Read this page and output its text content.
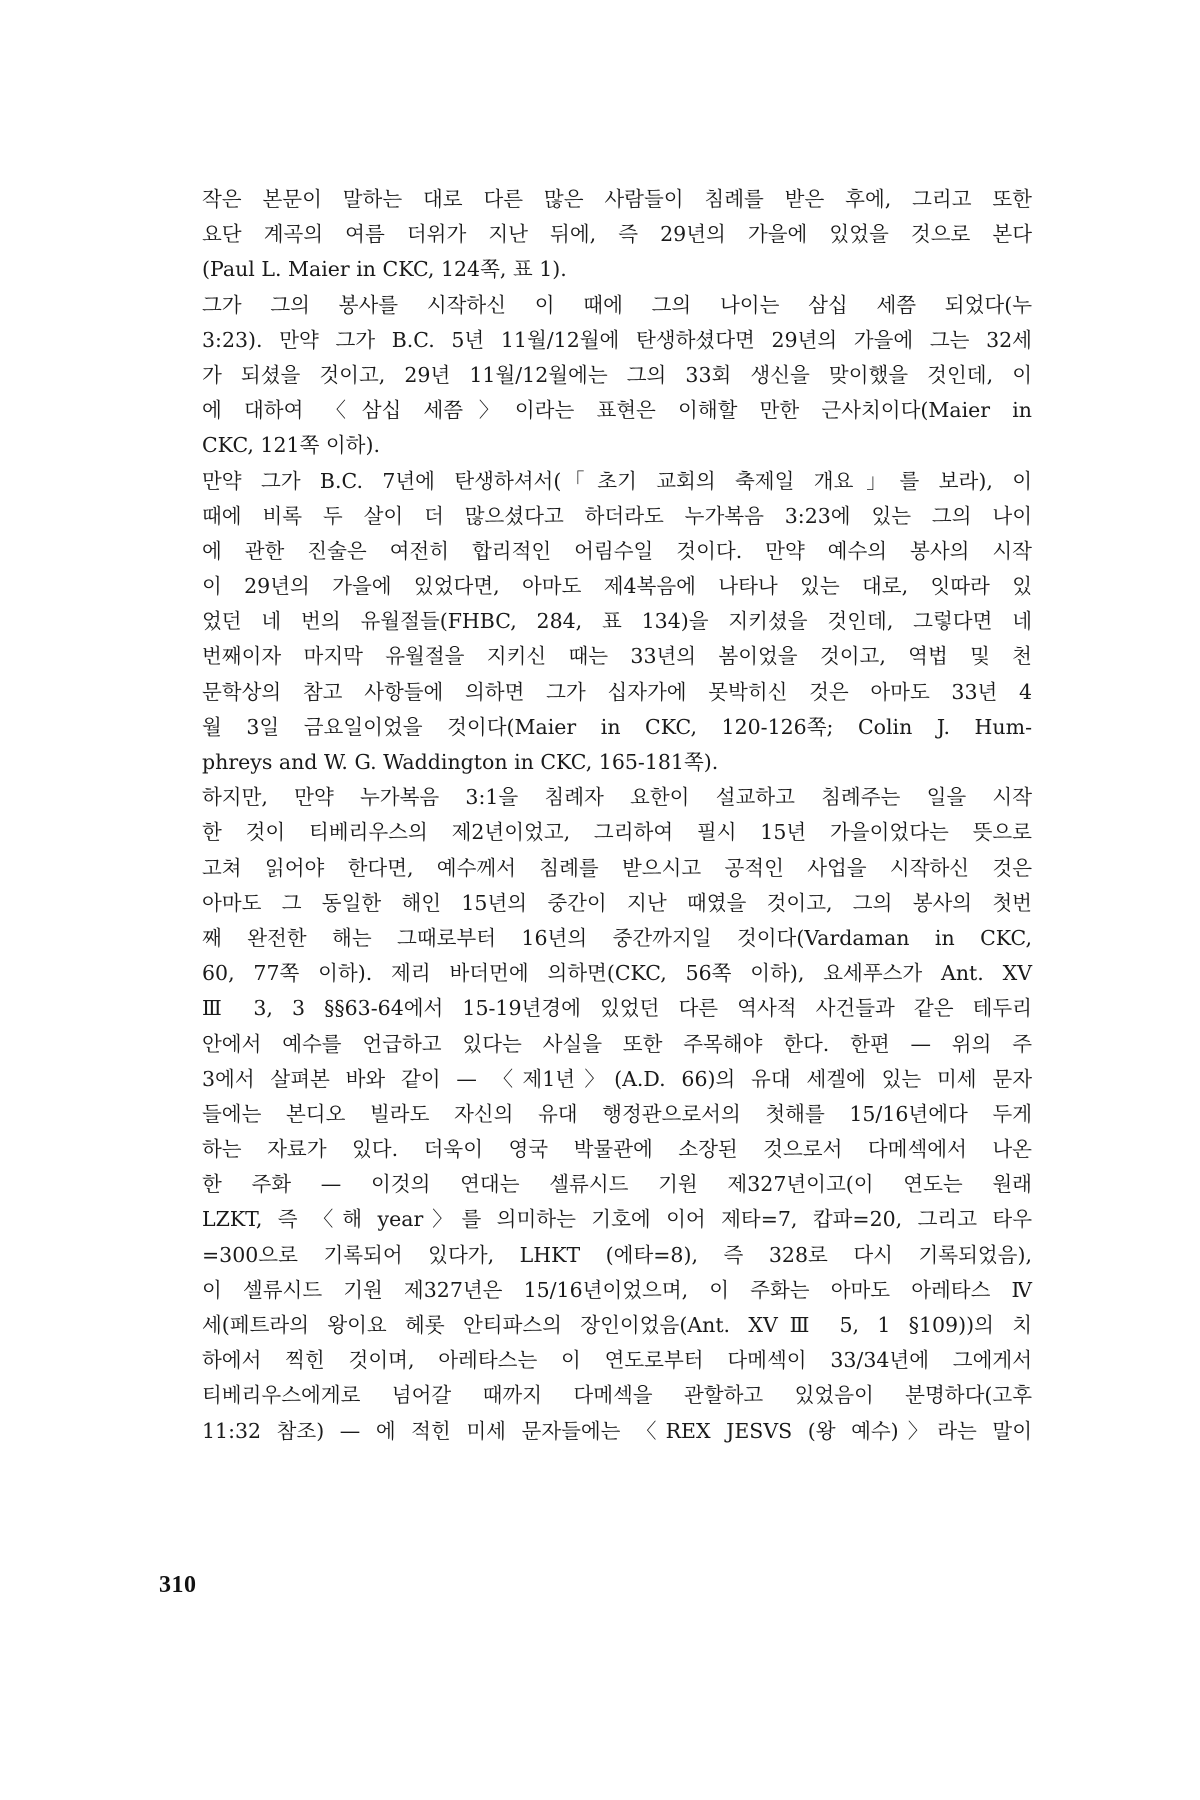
작은 본문이 말하는 대로 다른 많은 사람들이 침례를 받은 후에, 그리고 또한
요단 계곡의 여름 더위가 지난 뒤에, 즉 29년의 가을에 있었을 것으로 본다
(Paul L. Maier in CKC, 124쪽, 표 1).
그가 그의 봉사를 시작하신 이 때에 그의 나이는 삼십 세쯤 되었다(누
3:23). 만약 그가 B.C. 5년 11월/12월에 탄생하셨다면 29년의 가을에 그는 32세
가 되셨을 것이고, 29년 11월/12월에는 그의 33회 생신을 맞이했을 것인데, 이
에 대하여 〈삼십 세쯤〉이라는 표현은 이해할 만한 근사치이다(Maier in
CKC, 121쪽 이하).
만약 그가 B.C. 7년에 탄생하셔서(「초기 교회의 축제일 개요」를 보라), 이
때에 비록 두 살이 더 많으셨다고 하더라도 누가복음 3:23에 있는 그의 나이
에 관한 진술은 여전히 합리적인 어림수일 것이다. 만약 예수의 봉사의 시작
이 29년의 가을에 있었다면, 아마도 제4복음에 나타나 있는 대로, 잇따라 있
었던 네 번의 유월절들(FHBC, 284, 표 134)을 지키셨을 것인데, 그렇다면 네
번째이자 마지막 유월절을 지키신 때는 33년의 봄이었을 것이고, 역법 및 천
문학상의 참고 사항들에 의하면 그가 십자가에 못박히신 것은 아마도 33년 4
월 3일 금요일이었을 것이다(Maier in CKC, 120-126쪽; Colin J. Hum-
phreys and W. G. Waddington in CKC, 165-181쪽).
하지만, 만약 누가복음 3:1을 침례자 요한이 설교하고 침례주는 일을 시작
한 것이 티베리우스의 제2년이었고, 그리하여 필시 15년 가을이었다는 뜻으로
고쳐 읽어야 한다면, 예수께서 침례를 받으시고 공적인 사업을 시작하신 것은
아마도 그 동일한 해인 15년의 중간이 지난 때였을 것이고, 그의 봉사의 첫번
째 완전한 해는 그때로부터 16년의 중간까지일 것이다(Vardaman in CKC,
60, 77쪽 이하). 제리 바더먼에 의하면(CKC, 56쪽 이하), 요세푸스가 Ant. XV
Ⅲ 3, 3 §§63-64에서 15-19년경에 있었던 다른 역사적 사건들과 같은 테두리
안에서 예수를 언급하고 있다는 사실을 또한 주목해야 한다. 한편 — 위의 주
3에서 살펴본 바와 같이 — 〈제1년〉(A.D. 66)의 유대 세겔에 있는 미세 문자
들에는 본디오 빌라도 자신의 유대 행정관으로서의 첫해를 15/16년에다 두게
하는 자료가 있다. 더욱이 영국 박물관에 소장된 것으로서 다메섹에서 나온
한 주화 — 이것의 연대는 셀류시드 기원 제327년이고(이 연도는 원래
LZKT, 즉 〈해 year〉를 의미하는 기호에 이어 제타=7, 캅파=20, 그리고 타우
=300으로 기록되어 있다가, LHKT (에타=8), 즉 328로 다시 기록되었음),
이 셀류시드 기원 제327년은 15/16년이었으며, 이 주화는 아마도 아레타스 Ⅳ
세(페트라의 왕이요 헤롯 안티파스의 장인이었음(Ant. XVⅢ 5, 1 §109))의 치
하에서 찍힌 것이며, 아레타스는 이 연도로부터 다메섹이 33/34년에 그에게서
티베리우스에게로 넘어갈 때까지 다메섹을 관할하고 있었음이 분명하다(고후
11:32 참조) — 에 적힌 미세 문자들에는 〈REX JESVS (왕 예수)〉라는 말이
310
